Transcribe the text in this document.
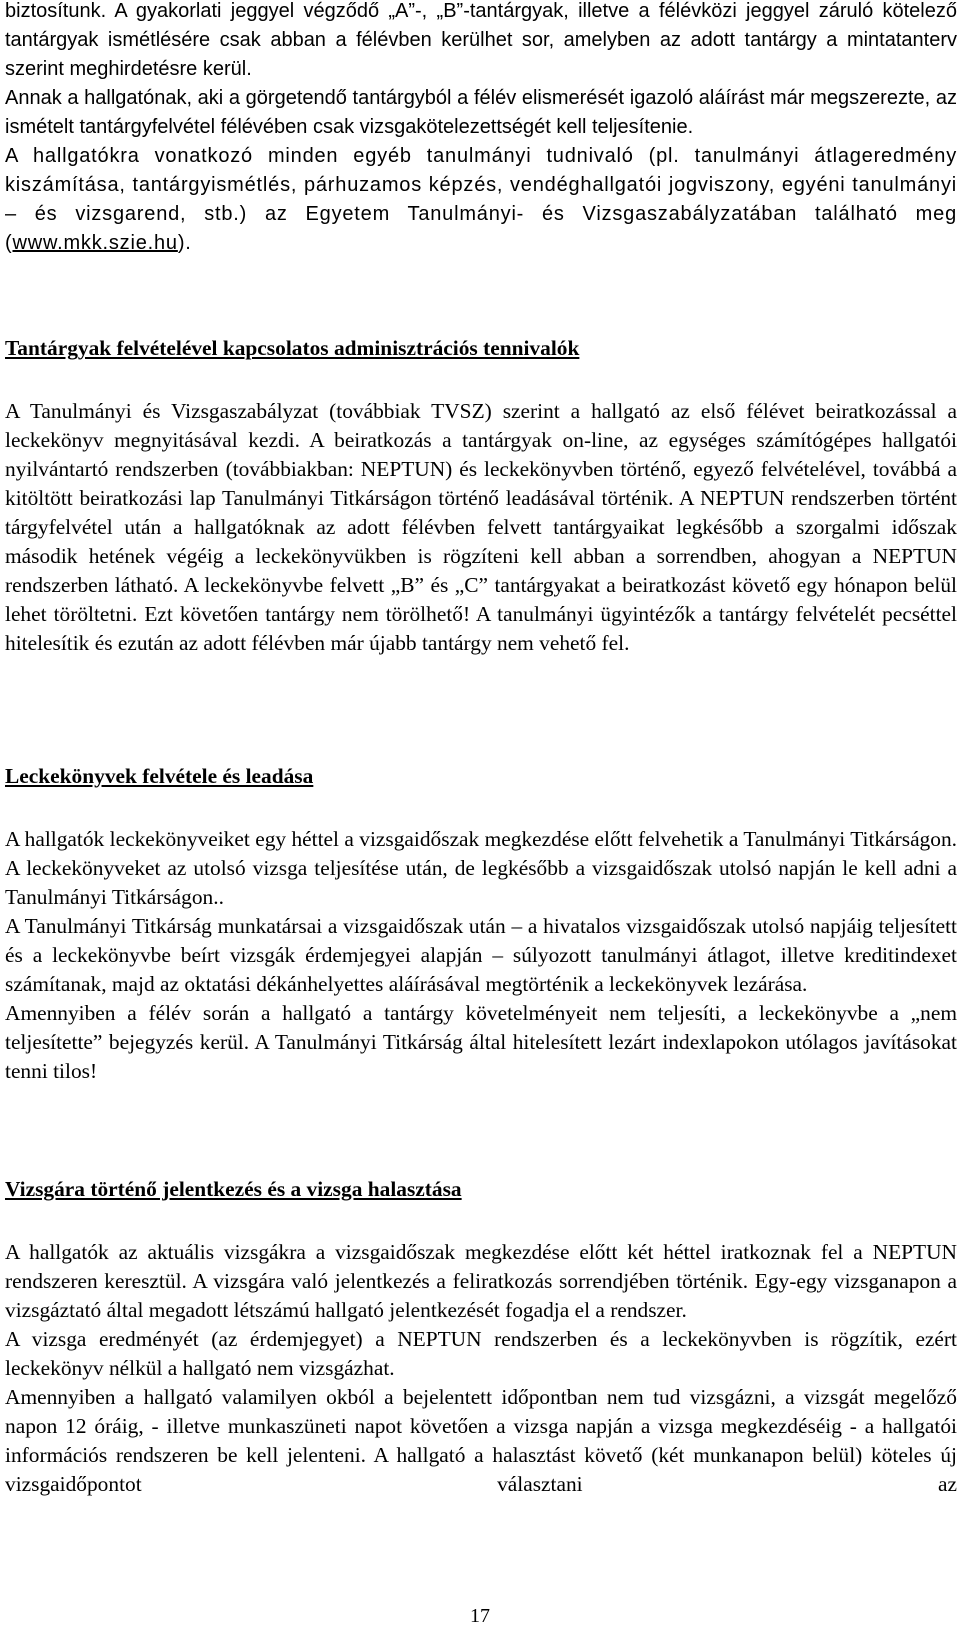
biztosítunk. A gyakorlati jeggyel végződő „A”-, „B”-tantárgyak, illetve a félévközi jeggyel záruló kötelező tantárgyak ismétlésére csak abban a félévben kerülhet sor, amelyben az adott tantárgy a mintatanterv szerint meghirdetésre kerül.

Annak a hallgatónak, aki a görgetendő tantárgyból a félév elismerését igazoló aláírást már megszerezte, az ismételt tantárgyfelvétel félévében csak vizsgakötelezettségét kell teljesítenie.

A hallgatókra vonatkozó minden egyéb tanulmányi tudnivaló (pl. tanulmányi átlageredmény kiszámítása, tantárgyismétlés, párhuzamos képzés, vendéghallgatói jogviszony, egyéni tanulmányi – és vizsgarend, stb.) az Egyetem Tanulmányi- és Vizsgaszabályzatában található meg (www.mkk.szie.hu).

Tantárgyak felvételével kapcsolatos adminisztrációs tennivalók

A Tanulmányi és Vizsgaszabályzat (továbbiak TVSZ) szerint a hallgató az első félévet beiratkozással a leckekönyv megnyitásával kezdi. A beiratkozás a tantárgyak on-line, az egységes számítógépes hallgatói nyilvántartó rendszerben (továbbiakban: NEPTUN) és leckekönyvben történő, egyező felvételével, továbbá a kitöltött beiratkozási lap Tanulmányi Titkárságon történő leadásával történik. A NEPTUN rendszerben történt tárgyfelvétel után a hallgatóknak az adott félévben felvett tantárgyaikat legkésőbb a szorgalmi időszak második hetének végéig a leckekönyvükben is rögzíteni kell abban a sorrendben, ahogyan a NEPTUN rendszerben látható. A leckekönyvbe felvett „B” és „C” tantárgyakat a beiratkozást követő egy hónapon belül lehet töröltetni. Ezt követően tantárgy nem törölhető! A tanulmányi ügyintézők a tantárgy felvételét pecséttel hitelesítik és ezután az adott félévben már újabb tantárgy nem vehető fel.

Leckekönyvek felvétele és leadása

A hallgatók leckekönyveiket egy héttel a vizsgaidőszak megkezdése előtt felvehetik a Tanulmányi Titkárságon. A leckekönyveket az utolsó vizsga teljesítése után, de legkésőbb a vizsgaidőszak utolsó napján le kell adni a Tanulmányi Titkárságon..

A Tanulmányi Titkárság munkatársai a vizsgaidőszak után – a hivatalos vizsgaidőszak utolsó napjáig teljesített és a leckekönyvbe beírt vizsgák érdemjegyei alapján – súlyozott tanulmányi átlagot, illetve kreditindexet számítanak, majd az oktatási dékánhelyettes aláírásával megtörténik a leckekönyvek lezárása.

Amennyiben a félév során a hallgató a tantárgy követelményeit nem teljesíti, a leckekönyvbe a „nem teljesítette” bejegyzés kerül. A Tanulmányi Titkárság által hitelesített lezárt indexlapokon utólagos javításokat tenni tilos!

Vizsgára történő jelentkezés és a vizsga halasztása

A hallgatók az aktuális vizsgákra a vizsgaidőszak megkezdése előtt két héttel iratkoznak fel a NEPTUN rendszeren keresztül. A vizsgára való jelentkezés a feliratkozás sorrendjében történik. Egy-egy vizsganapon a vizsgáztató által megadott létszámú hallgató jelentkezését fogadja el a rendszer.

A vizsga eredményét (az érdemjegyet) a NEPTUN rendszerben és a leckekönyvben is rögzítik, ezért leckekönyv nélkül a hallgató nem vizsgázhat.

Amennyiben a hallgató valamilyen okból a bejelentett időpontban nem tud vizsgázni, a vizsgát megelőző napon 12 óráig, - illetve munkaszüneti napot követően a vizsga napján a vizsga megkezdéséig - a hallgatói információs rendszeren be kell jelenteni. A hallgató a halasztást követő (két munkanapon belül) köteles új vizsgaidőpontot választani az

17
